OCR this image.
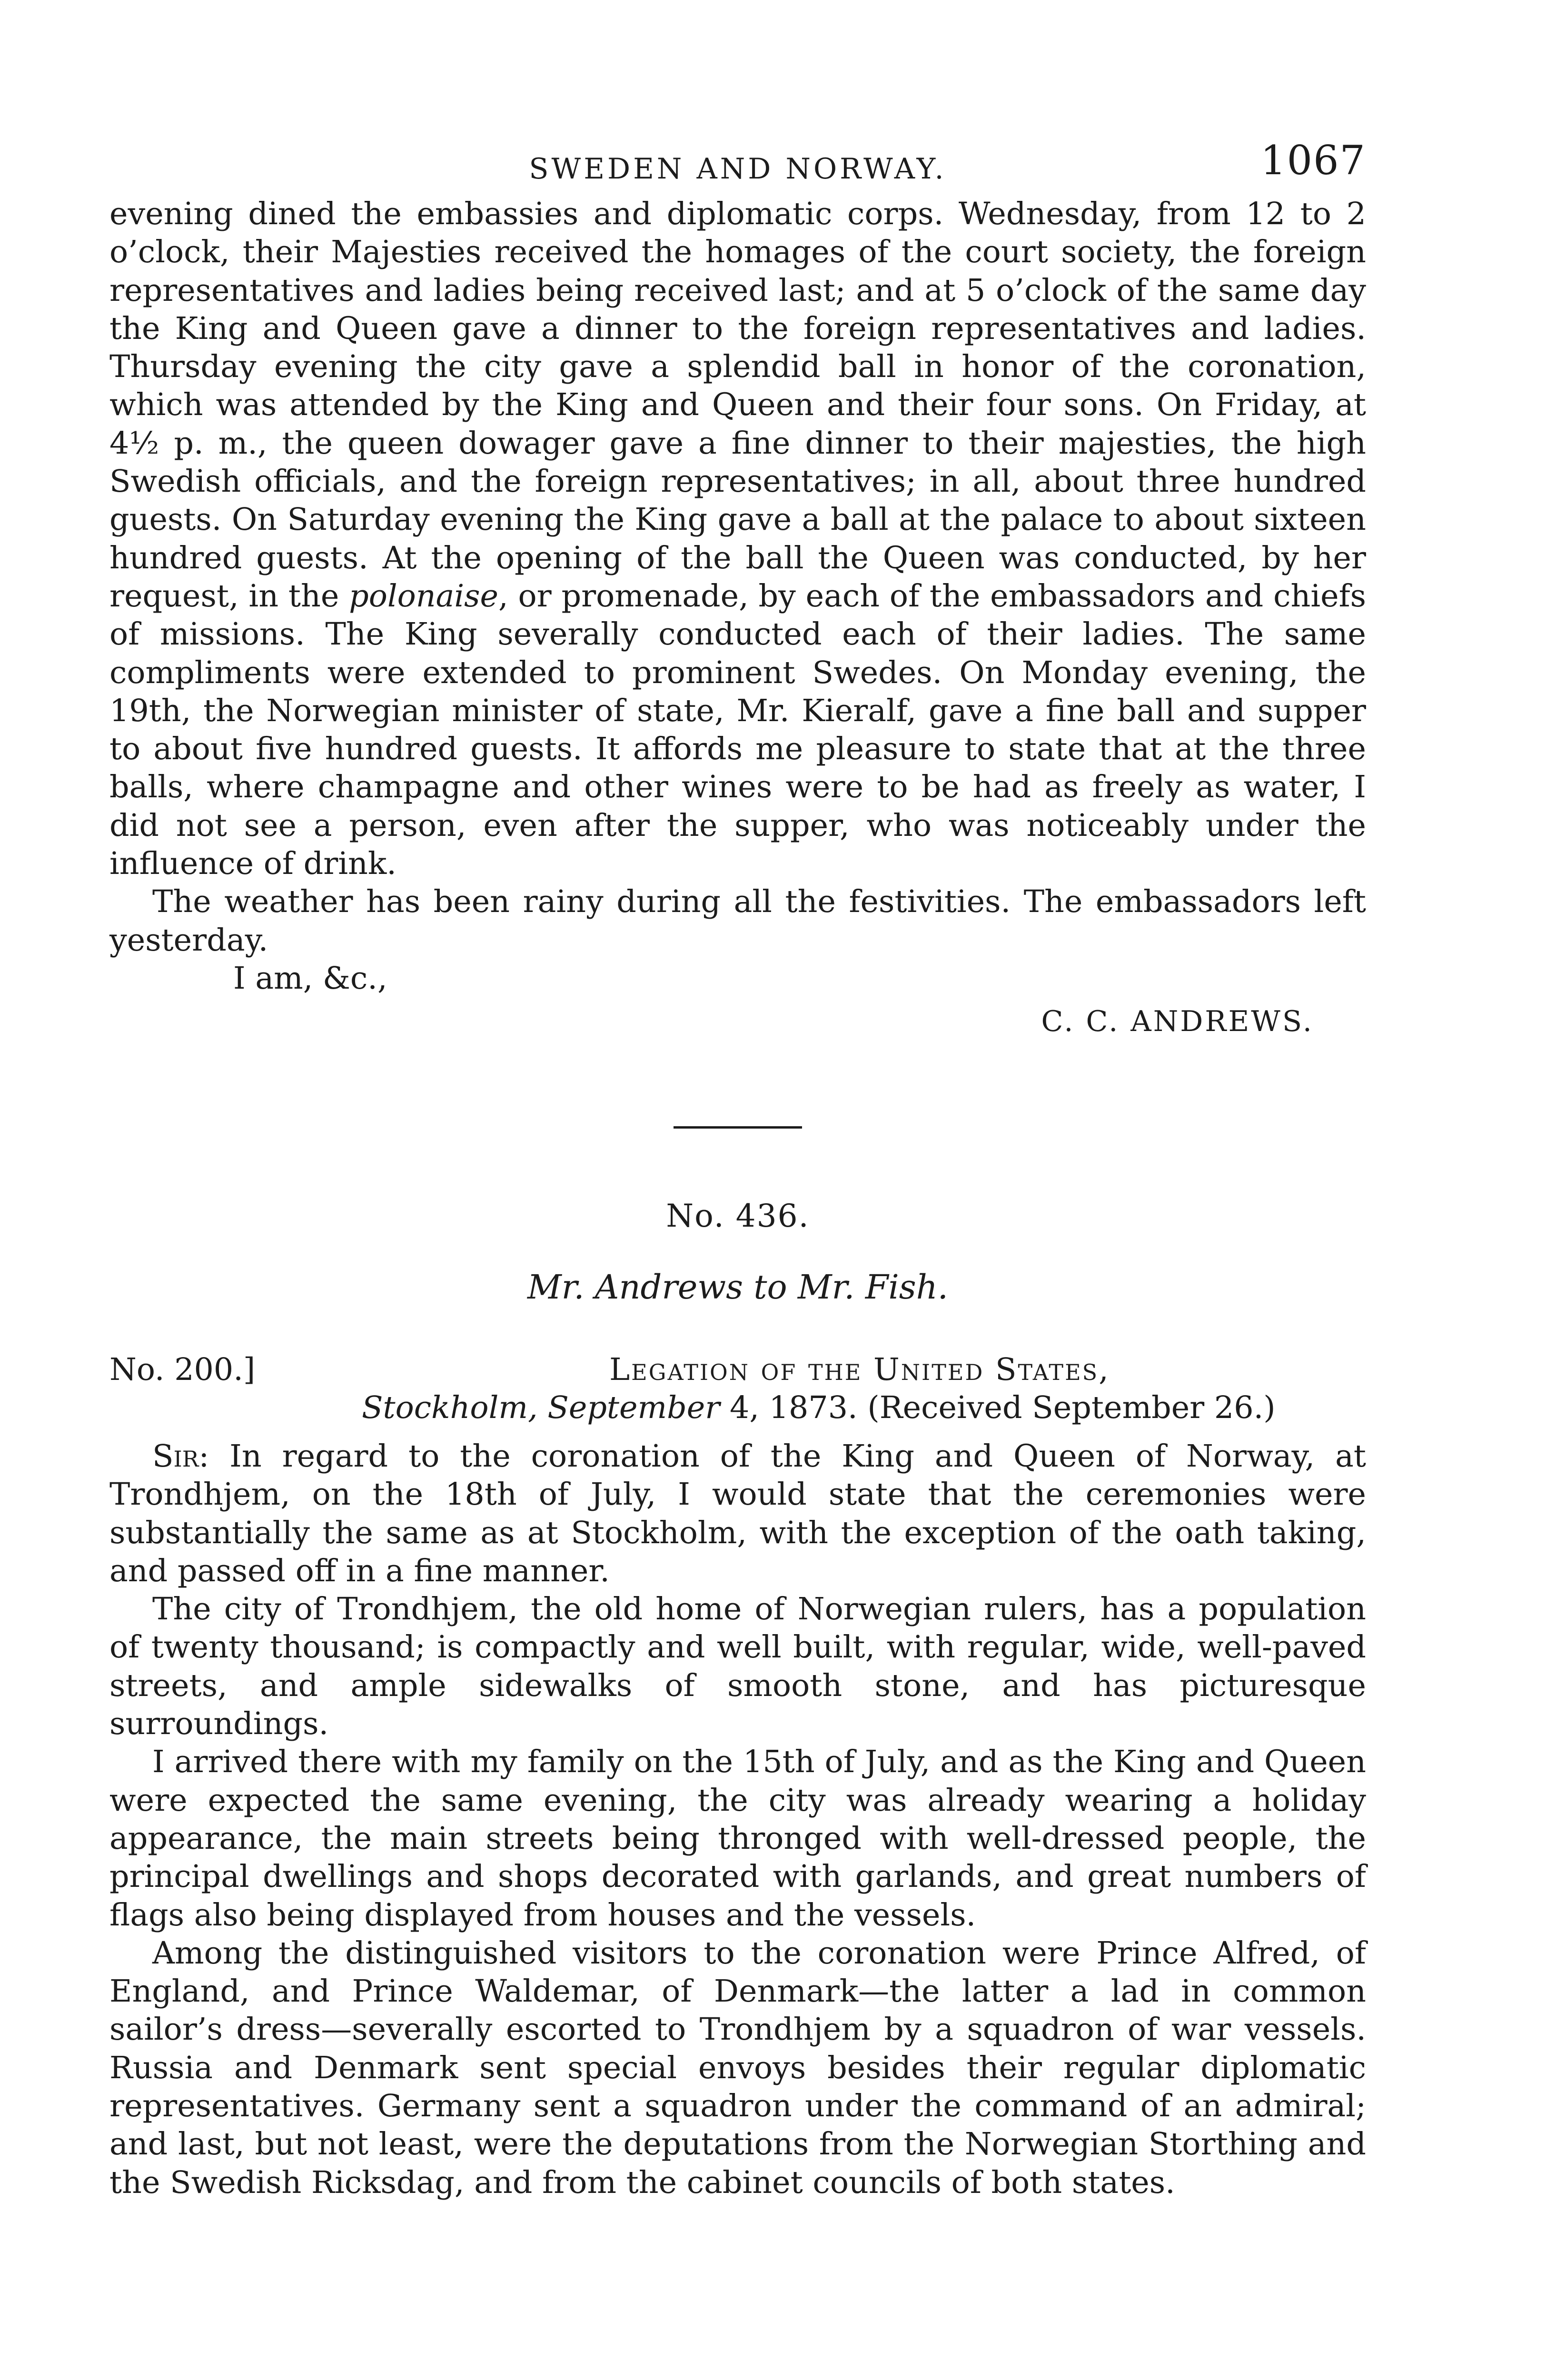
SWEDEN AND NORWAY.	1067

evening dined the embassies and diplomatic corps. Wednesday, from 12 to 2 o’clock, their Majesties received the homages of the court society, the foreign representatives and ladies being received last; and at 5 o’clock of the same day the King and Queen gave a dinner to the foreign representatives and ladies. Thursday evening the city gave a splendid ball in honor of the coronation, which was attended by the King and Queen and their four sons. On Friday, at 4½ p. m., the queen dowager gave a fine dinner to their majesties, the high Swedish officials, and the foreign representatives; in all, about three hundred guests. On Saturday evening the King gave a ball at the palace to about sixteen hundred guests. At the opening of the ball the Queen was conducted, by her request, in the polonaise, or promenade, by each of the embassadors and chiefs of missions. The King severally conducted each of their ladies. The same compliments were extended to prominent Swedes. On Monday evening, the 19th, the Norwegian minister of state, Mr. Kieralf, gave a fine ball and supper to about five hundred guests. It affords me pleasure to state that at the three balls, where champagne and other wines were to be had as freely as water, I did not see a person, even after the supper, who was noticeably under the influence of drink.

The weather has been rainy during all the festivities. The embassadors left yesterday.

I am, &c.,
C. C. ANDREWS.
No. 436.
Mr. Andrews to Mr. Fish.
No. 200.]	Legation of the United States,
Stockholm, September 4, 1873. (Received September 26.)

Sir: In regard to the coronation of the King and Queen of Norway, at Trondhjem, on the 18th of July, I would state that the ceremonies were substantially the same as at Stockholm, with the exception of the oath taking, and passed off in a fine manner.

The city of Trondhjem, the old home of Norwegian rulers, has a population of twenty thousand; is compactly and well built, with regular, wide, well-paved streets, and ample sidewalks of smooth stone, and has picturesque surroundings.

I arrived there with my family on the 15th of July, and as the King and Queen were expected the same evening, the city was already wearing a holiday appearance, the main streets being thronged with well-dressed people, the principal dwellings and shops decorated with garlands, and great numbers of flags also being displayed from houses and the vessels.

Among the distinguished visitors to the coronation were Prince Alfred, of England, and Prince Waldemar, of Denmark—the latter a lad in common sailor’s dress—severally escorted to Trondhjem by a squadron of war vessels. Russia and Denmark sent special envoys besides their regular diplomatic representatives. Germany sent a squadron under the command of an admiral; and last, but not least, were the deputations from the Norwegian Storthing and the Swedish Ricksdag, and from the cabinet councils of both states.
